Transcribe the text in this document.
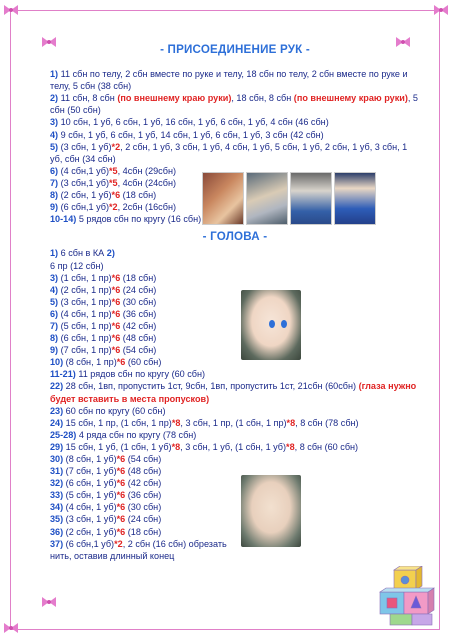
- ПРИСОЕДИНЕНИЕ РУК -
1) 11 сбн по телу, 2 сбн вместе по руке и телу, 18 сбн по телу, 2 сбн вместе по руке и телу, 5 сбн (38 сбн)
2) 11 сбн, 8 сбн (по внешнему краю руки), 18 сбн, 8 сбн (по внешнему краю руки), 5 сбн (50 сбн)
3) 10 сбн, 1 уб, 6 сбн, 1 уб, 16 сбн, 1 уб, 6 сбн, 1 уб, 4 сбн (46 сбн)
4) 9 сбн, 1 уб, 6 сбн, 1 уб, 14 сбн, 1 уб, 6 сбн, 1 уб, 3 сбн (42 сбн)
5) (3 сбн, 1 уб)*2, 2 сбн, 1 уб, 3 сбн, 1 уб, 4 сбн, 1 уб, 5 сбн, 1 уб, 2 сбн, 1 уб, 3 сбн, 1 уб, сбн (34 сбн)
6) (4 сбн,1 уб)*5, 4сбн (29сбн)
7) (3 сбн,1 уб)*5, 4сбн (24сбн)
8) (2 сбн, 1 уб)*6 (18 сбн)
9) (6 сбн,1 уб)*2, 2сбн (16сбн)
10-14) 5 рядов сбн по кругу (16 сбн)
- ГОЛОВА -
1) 6 сбн в КА 2)
6 пр (12 сбн)
3) (1 сбн, 1 пр)*6 (18 сбн)
4) (2 сбн, 1 пр)*6 (24 сбн)
5) (3 сбн, 1 пр)*6 (30 сбн)
6) (4 сбн, 1 пр)*6 (36 сбн)
7) (5 сбн, 1 пр)*6 (42 сбн)
8) (6 сбн, 1 пр)*6 (48 сбн)
9) (7 сбн, 1 пр)*6 (54 сбн)
10) (8 сбн, 1 пр)*6 (60 сбн)
11-21) 11 рядов сбн по кругу (60 сбн)
22) 28 сбн, 1вп, пропустить 1ст, 9сбн, 1вп, пропустить 1ст, 21сбн (60сбн) (глаза нужно будет вставить в места пропусков)
23) 60 сбн по кругу (60 сбн)
24) 15 сбн, 1 пр, (1 сбн, 1 пр)*8, 3 сбн, 1 пр, (1 сбн, 1 пр)*8, 8 сбн (78 сбн)
25-28) 4 ряда сбн по кругу (78 сбн)
29) 15 сбн, 1 уб, (1 сбн, 1 уб)*8, 3 сбн, 1 уб, (1 сбн, 1 уб)*8, 8 сбн (60 сбн)
30) (8 сбн, 1 уб)*6 (54 сбн)
31) (7 сбн, 1 уб)*6 (48 сбн)
32) (6 сбн, 1 уб)*6 (42 сбн)
33) (5 сбн, 1 уб)*6 (36 сбн)
34) (4 сбн, 1 уб)*6 (30 сбн)
35) (3 сбн, 1 уб)*6 (24 сбн)
36) (2 сбн, 1 уб)*6 (18 сбн)
37) (6 сбн,1 уб)*2, 2 сбн (16 сбн) обрезать нить, оставив длинный конец
